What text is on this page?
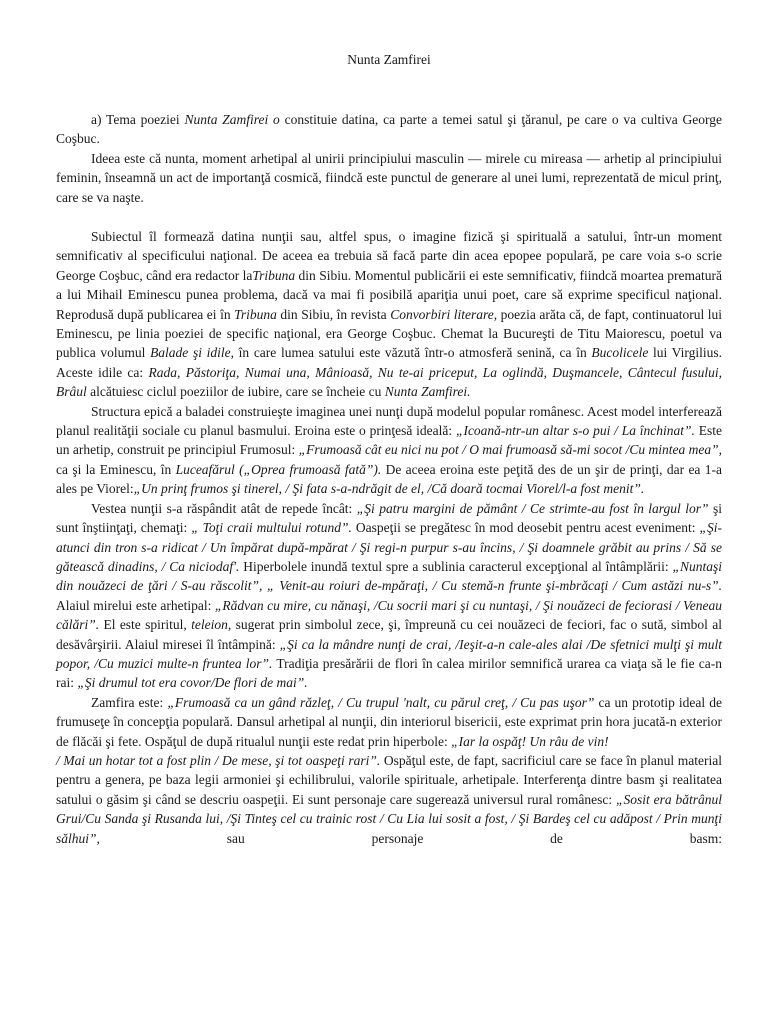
Nunta Zamfirei

a) Tema poeziei Nunta Zamfirei o constituie datina, ca parte a temei satul şi ţăranul, pe care o va cultiva George Coşbuc.

Ideea este că nunta, moment arhetipal al unirii principiului masculin — mirele cu mireasa — arhetip al principiului feminin, înseamnă un act de importanţă cosmică, fiindcă este punctul de generare al unei lumi, reprezentată de micul prinţ, care se va naşte.

Subiectul îl formează datina nunţii sau, altfel spus, o imagine fizică şi spirituală a satului, într-un moment semnificativ al specificului naţional. De aceea ea trebuia să facă parte din acea epopee populară, pe care voia s-o scrie George Coşbuc, când era redactor laTribuna din Sibiu. Momentul publicării ei este semnificativ, fiindcă moartea prematură a lui Mihail Eminescu punea problema, dacă va mai fi posibilă apariţia unui poet, care să exprime specificul naţional. Reprodusă după publicarea ei în Tribuna din Sibiu, în revista Convorbiri literare, poezia arăta că, de fapt, continuatorul lui Eminescu, pe linia poeziei de specific naţional, era George Coşbuc. Chemat la Bucureşti de Titu Maiorescu, poetul va publica volumul Balade şi idile, în care lumea satului este văzută într-o atmosferă senină, ca în Bucolicele lui Virgilius. Aceste idile ca: Rada, Păstoriţa, Numai una, Mânioasă, Nu te-ai priceput, La oglindă, Duşmancele, Cântecul fusului, Brâul alcătuiesc ciclul poeziilor de iubire, care se încheie cu Nunta Zamfirei.

Structura epică a baladei construieşte imaginea unei nunţi după modelul popular românesc. Acest model interferează planul realităţii sociale cu planul basmului. Eroina este o prinţesă ideală: „Icoană-ntr-un altar s-o pui / La închinat”. Este un arhetip, construit pe principiul Frumosul: „Frumoasă cât eu nici nu pot / O mai frumoasă să-mi socot /Cu mintea mea”, ca şi la Eminescu, în Luceafărul („Oprea frumoasă fată”). De aceea eroina este peţită des de un şir de prinţi, dar ea 1-a ales pe Viorel:„Un prinţ frumos şi tinerel, / Şi fata s-a-ndrăgit de el, /Că doară tocmai Viorel/l-a fost menit”.

Vestea nunţii s-a răspândit atât de repede încât: „Şi patru margini de pământ / Ce strimte-au fost în largul lor” şi sunt înştiinţaţi, chemaţi: „ Toţi craii multului rotund”. Oaspeţii se pregătesc în mod deosebit pentru acest eveniment: „Şi-atunci din tron s-a ridicat / Un împărat după-mpărat / Şi regi-n purpur s-au încins, / Şi doamnele grăbit au prins / Să se gătească dinadins, / Ca niciodaf'. Hiperbolele inundă textul spre a sublinia caracterul excepţional al întâmplării: „Nuntaşi din nouăzeci de ţări / S-au răscolit”, „ Venit-au roiuri de-mpăraţi, / Cu stemă-n frunte şi-mbrăcaţi / Cum astăzi nu-s”. Alaiul mirelui este arhetipal: „Rădvan cu mire, cu nănaşi, /Cu socrii mari şi cu nuntaşi, / Şi nouăzeci de feciorasi / Veneau călări”. El este spiritul, teleion, sugerat prin simbolul zece, şi, împreună cu cei nouăzeci de feciori, fac o sută, simbol al desăvârşirii. Alaiul miresei îl întâmpină: „Şi ca la mândre nunţi de crai, /Ieşit-a-n cale-ales alai /De sfetnici mulţi şi mult popor, /Cu muzici multe-n fruntea lor”. Tradiţia presărării de flori în calea mirilor semnifică urarea ca viaţa să le fie ca-n rai: „Şi drumul tot era covor/De flori de mai”.

Zamfira este: „Frumoasă ca un gând răzleţ, / Cu trupul 'nalt, cu părul creţ, / Cu pas uşor” ca un prototip ideal de frumuseţe în concepţia populară. Dansul arhetipal al nunţii, din interiorul bisericii, este exprimat prin hora jucată-n exterior de flăcăi şi fete. Ospăţul de după ritualul nunţii este redat prin hiperbole: „Iar la ospăţ! Un râu de vin!

/ Mai un hotar tot a fost plin / De mese, şi tot oaspeţi rari”. Ospăţul este, de fapt, sacrificiul care se face în planul material pentru a genera, pe baza legii armoniei şi echilibrului, valorile spirituale, arhetipale. Interferenţa dintre basm şi realitatea satului o găsim şi când se descriu oaspeţii. Ei sunt personaje care sugerează universul rural românesc: „Sosit era bătrânul Grui/Cu Sanda şi Rusanda lui, /Şi Tinteş cel cu trainic rost / Cu Lia lui sosit a fost, / Şi Bardeş cel cu adăpost / Prin munţi sălhui”, sau personaje de basm:
